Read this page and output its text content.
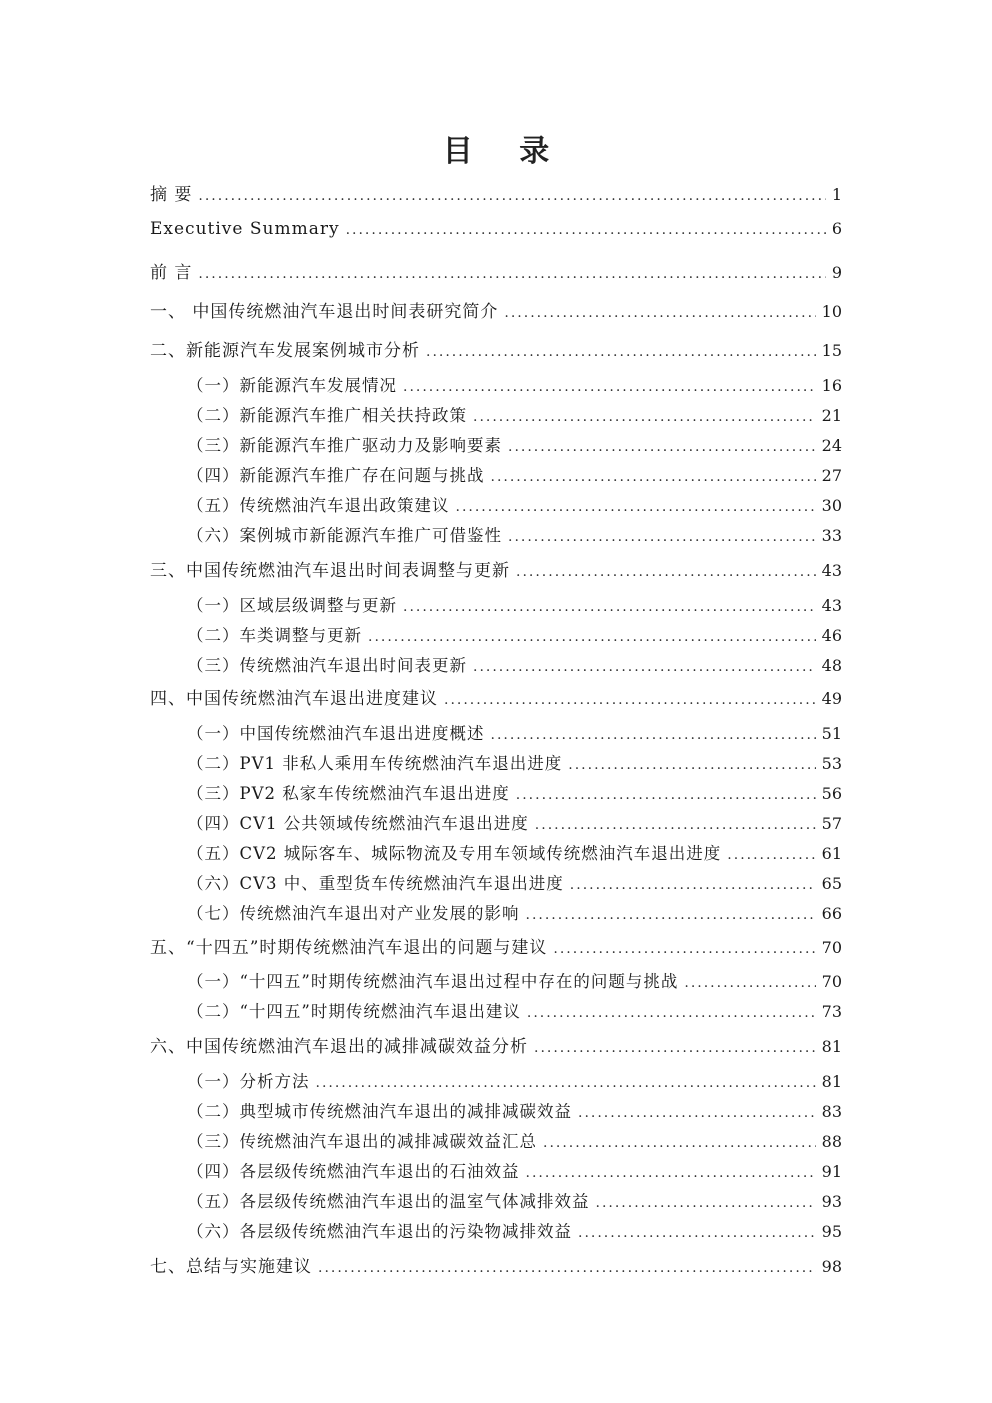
目 录
摘 要 .....	1
Executive Summary .....	6
前 言 .....	9
一、 中国传统燃油汽车退出时间表研究简介 .....	10
二、新能源汽车发展案例城市分析 .....	15
（一）新能源汽车发展情况 .....	16
（二）新能源汽车推广相关扶持政策 .....	21
（三）新能源汽车推广驱动力及影响要素 .....	24
（四）新能源汽车推广存在问题与挑战 .....	27
（五）传统燃油汽车退出政策建议 .....	30
（六）案例城市新能源汽车推广可借鉴性 .....	33
三、中国传统燃油汽车退出时间表调整与更新 .....	43
（一）区域层级调整与更新 .....	43
（二）车类调整与更新 .....	46
（三）传统燃油汽车退出时间表更新 .....	48
四、中国传统燃油汽车退出进度建议 .....	49
（一）中国传统燃油汽车退出进度概述 .....	51
（二）PV1 非私人乘用车传统燃油汽车退出进度 .....	53
（三）PV2 私家车传统燃油汽车退出进度 .....	56
（四）CV1 公共领域传统燃油汽车退出进度 .....	57
（五）CV2 城际客车、城际物流及专用车领域传统燃油汽车退出进度 .....	61
（六）CV3 中、重型货车传统燃油汽车退出进度 .....	65
（七）传统燃油汽车退出对产业发展的影响 .....	66
五、“十四五”时期传统燃油汽车退出的问题与建议 .....	70
（一）“十四五”时期传统燃油汽车退出过程中存在的问题与挑战 .....	70
（二）“十四五”时期传统燃油汽车退出建议 .....	73
六、中国传统燃油汽车退出的减排减碳效益分析 .....	81
（一）分析方法 .....	81
（二）典型城市传统燃油汽车退出的减排减碳效益 .....	83
（三）传统燃油汽车退出的减排减碳效益汇总 .....	88
（四）各层级传统燃油汽车退出的石油效益 .....	91
（五）各层级传统燃油汽车退出的温室气体减排效益 .....	93
（六）各层级传统燃油汽车退出的污染物减排效益 .....	95
七、总结与实施建议 .....	98
